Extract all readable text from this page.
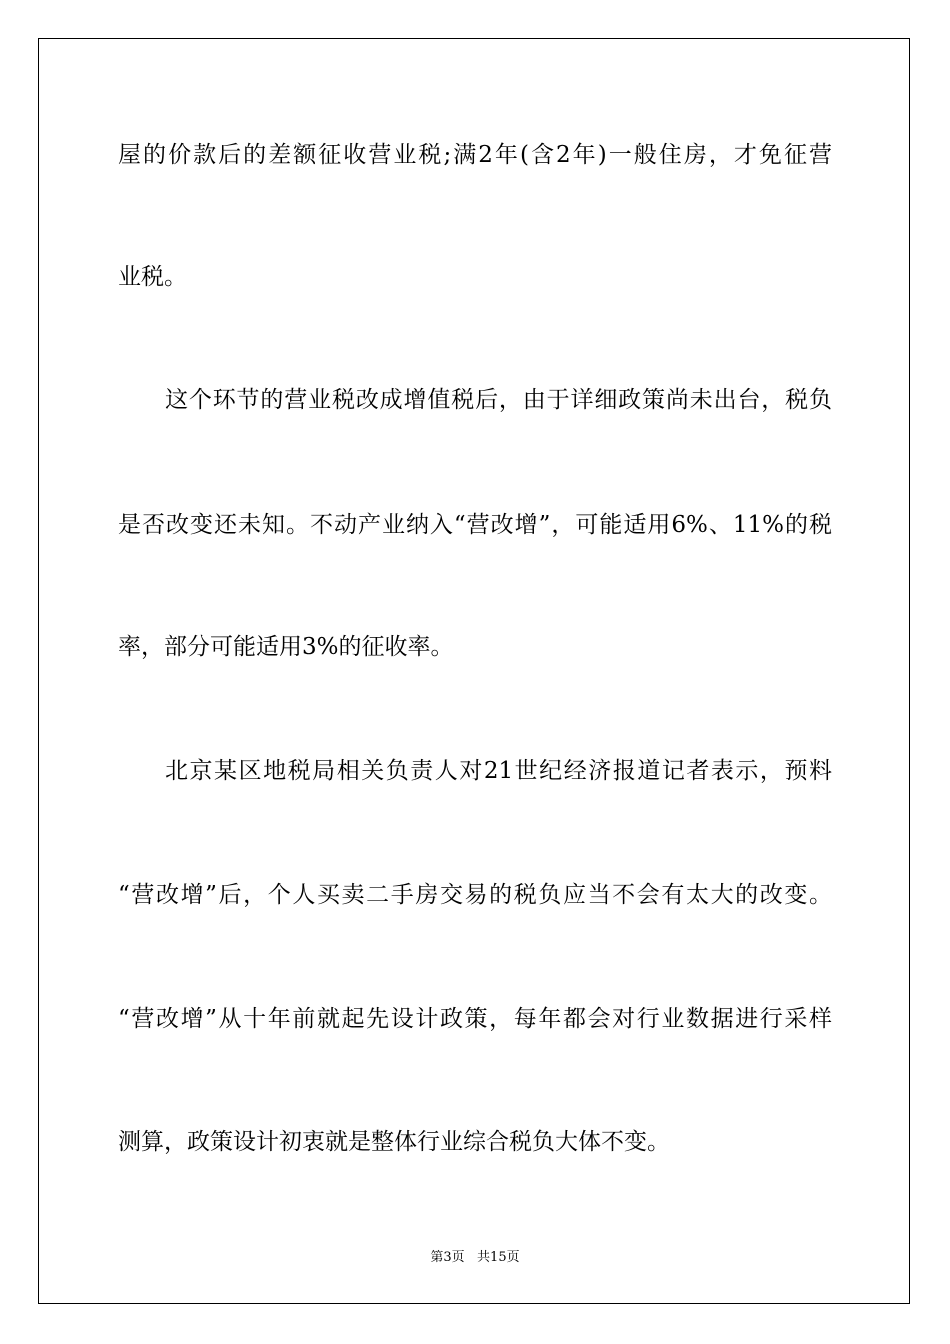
屋的价款后的差额征收营业税;满2年(含2年)一般住房，才免征营
业税。
这个环节的营业税改成增值税后，由于详细政策尚未出台，税负
是否改变还未知。不动产业纳入“营改增”，可能适用6%、11%的税
率，部分可能适用3%的征收率。
北京某区地税局相关负责人对21世纪经济报道记者表示，预料
“营改增”后，个人买卖二手房交易的税负应当不会有太大的改变。
“营改增”从十年前就起先设计政策，每年都会对行业数据进行采样
测算，政策设计初衷就是整体行业综合税负大体不变。
第3页   共15页
